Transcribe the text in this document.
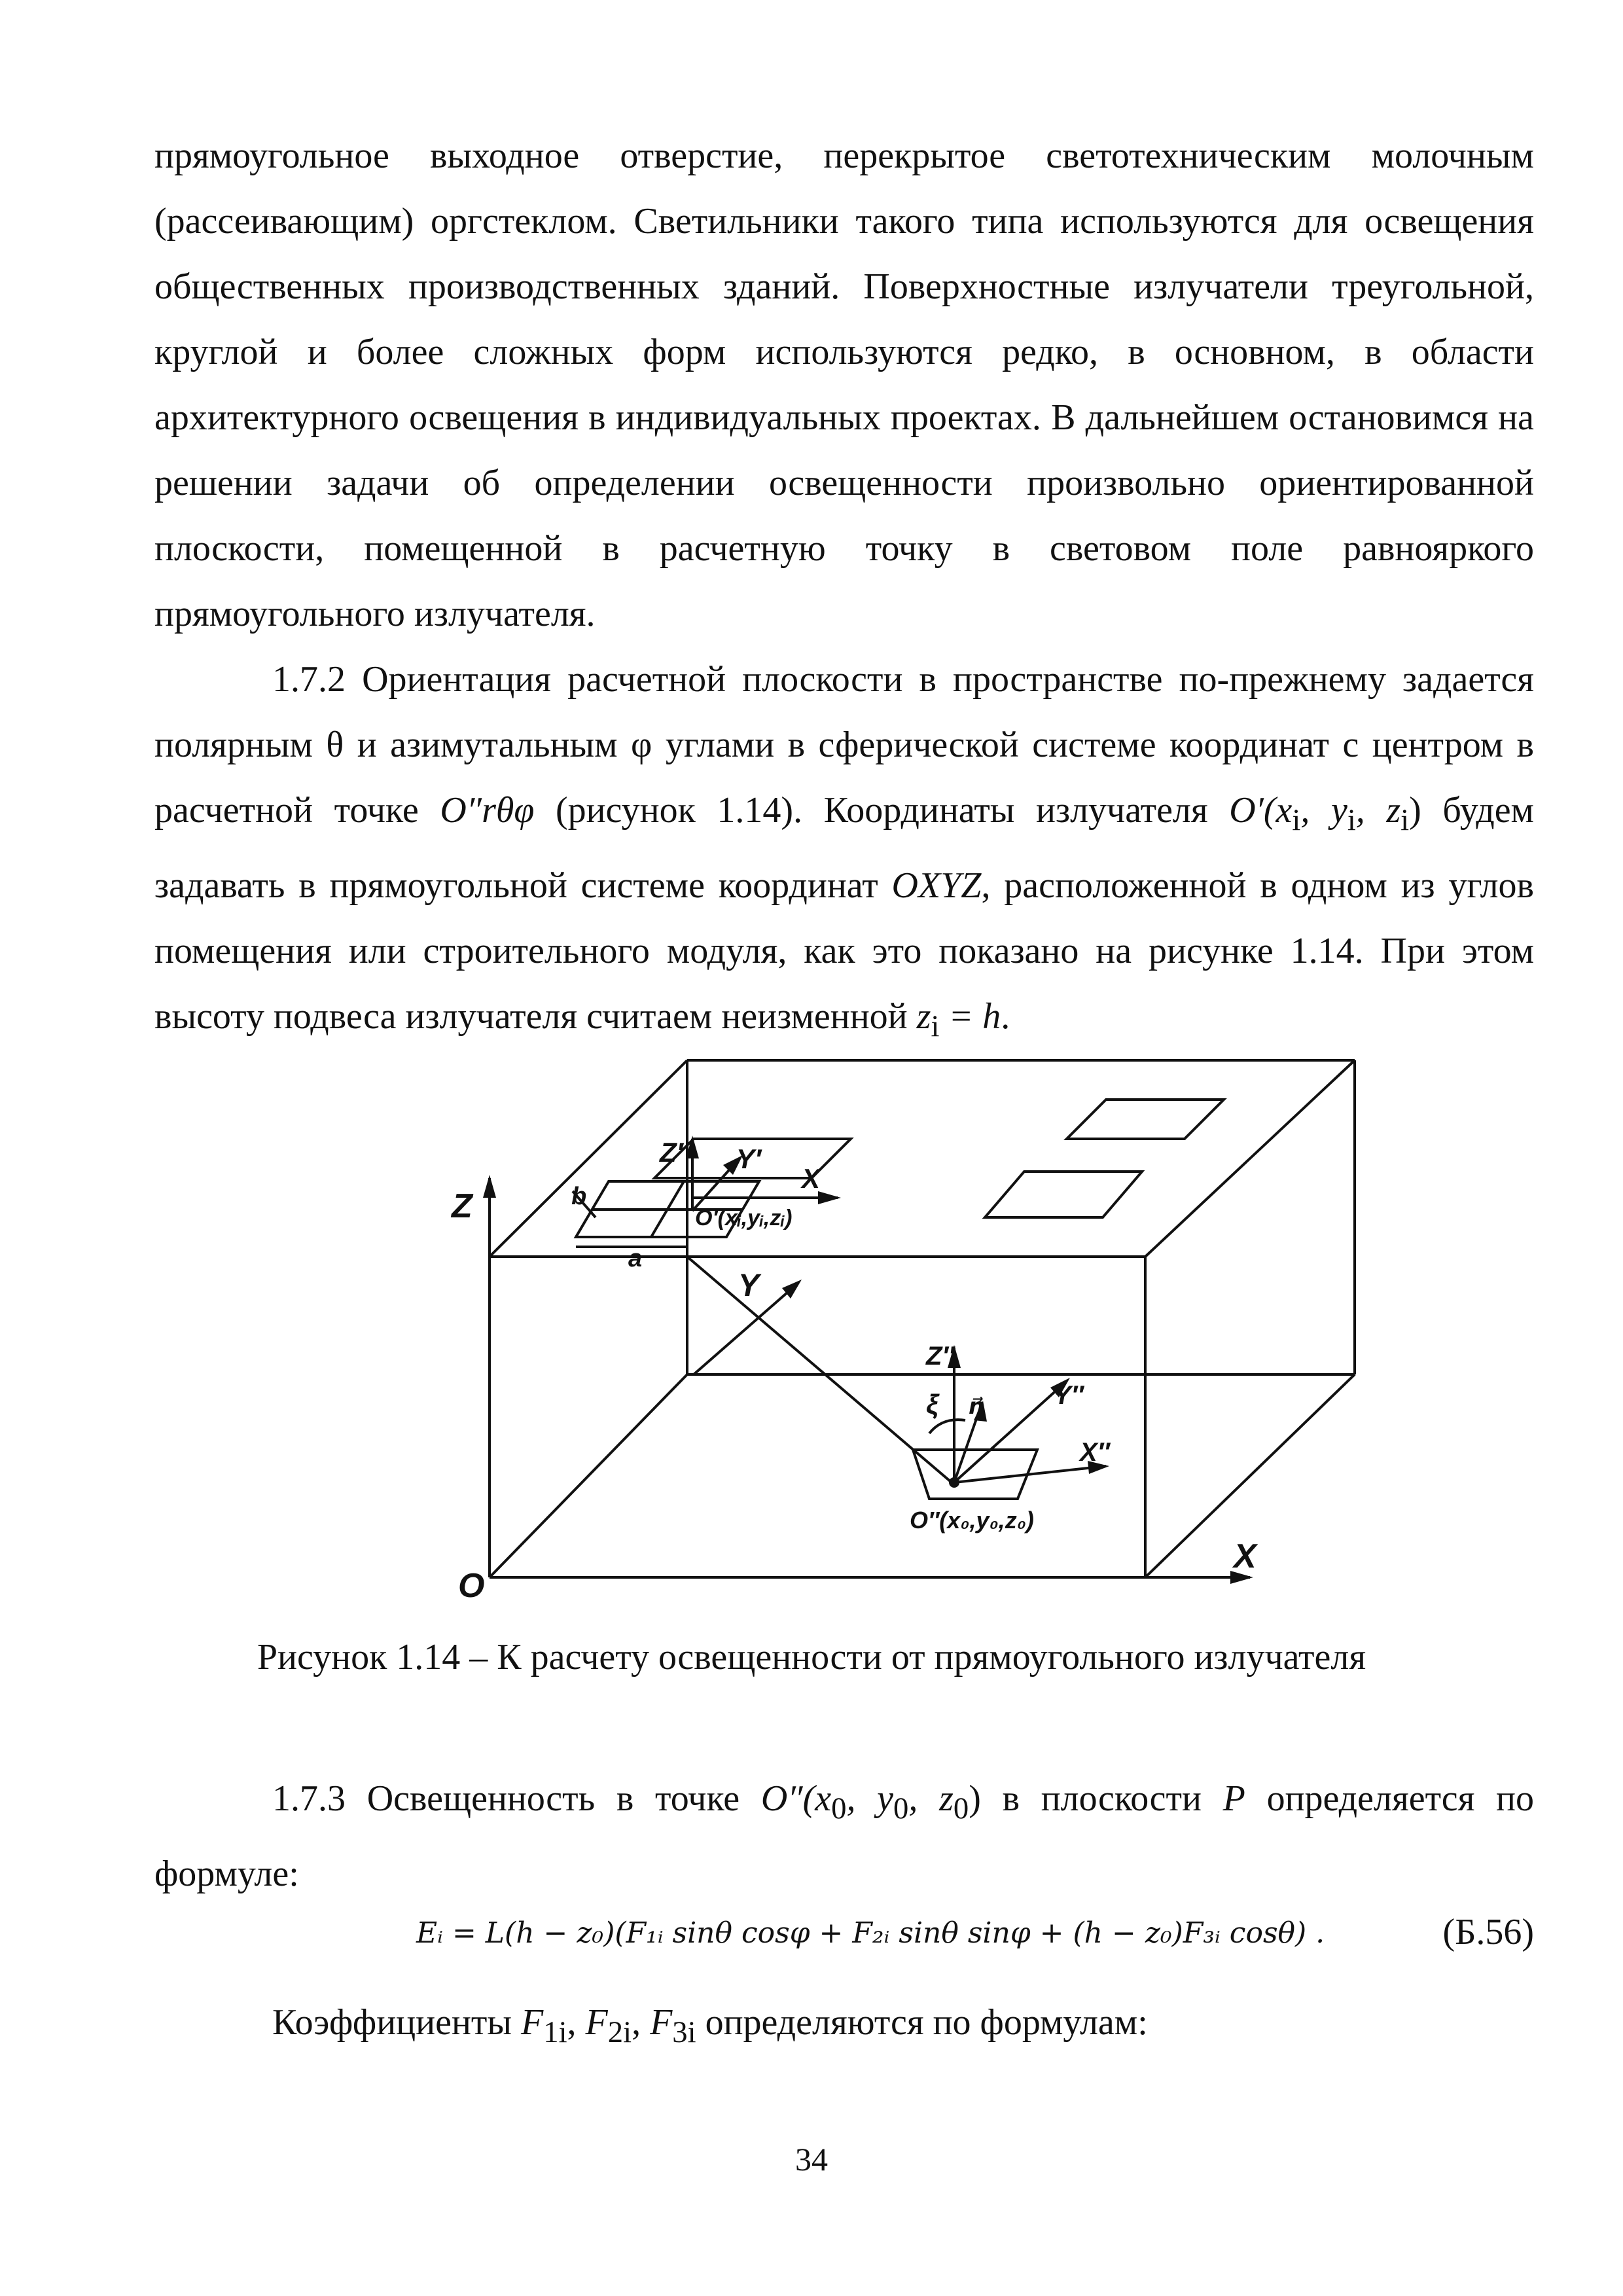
прямоугольное выходное отверстие, перекрытое светотехническим молочным (рассеивающим) оргстеклом. Светильники такого типа используются для освещения общественных производственных зданий. Поверхностные излучатели треугольной, круглой и более сложных форм используются редко, в основном, в области архитектурного освещения в индивидуальных проектах. В дальнейшем остановимся на решении задачи об определении освещенности произвольно ориентированной плоскости, помещенной в расчетную точку в световом поле равнояркого прямоугольного излучателя.

1.7.2 Ориентация расчетной плоскости в пространстве по-прежнему задается полярным θ и азимутальным φ углами в сферической системе координат с центром в расчетной точке O″rθφ (рисунок 1.14). Координаты излучателя $O'(x_i$, $y_i$, $z_i$) будем задавать в прямоугольной системе координат OXYZ, расположенной в одном из углов помещения или строительного модуля, как это показано на рисунке 1.14. При этом высоту подвеса излучателя считаем неизменной $z_i = h$.

Z
O
X
Y
Z′ Y′
X
b
a
O′(xᵢ,yᵢ,zᵢ)
Z″
ξ n⃗	Y″
X″
O″(x₀,y₀,z₀)
Рисунок 1.14 – К расчету освещенности от прямоугольного излучателя

1.7.3 Освещенность в точке $O''(x_0$, $y_0$, $z_0$) в плоскости P определяется по формуле:

Eᵢ = L(h − z₀)(F₁ᵢ sinθ cosφ + F₂ᵢ sinθ sinφ + (h − z₀)F₃ᵢ cosθ) .	(Б.56)

Коэффициенты $F_{1i}$, $F_{2i}$, $F_{3i}$ определяются по формулам:

34
